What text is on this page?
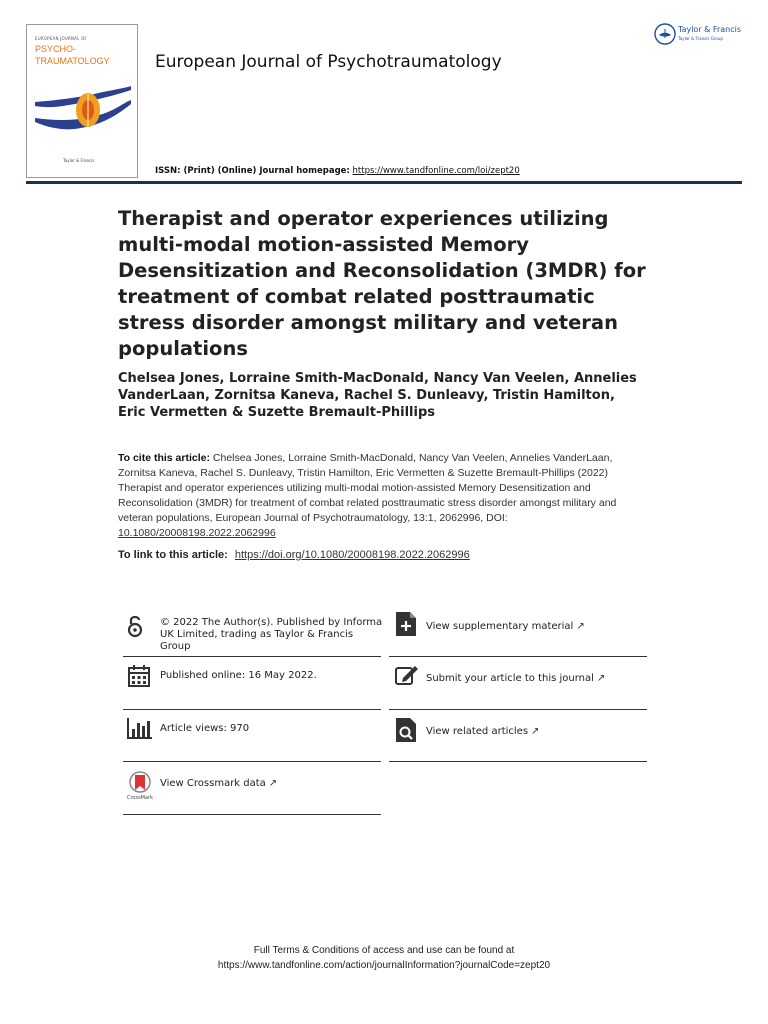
EUROPEAN JOURNAL OF
PSYCHO-
TRAUMATOLOGY
Taylor & Francis
European Journal of Psychotraumatology
Taylor & Francis
Taylor & Francis Group
ISSN: (Print) (Online) Journal homepage: https://www.tandfonline.com/loi/zept20
Therapist and operator experiences utilizing multi-modal motion-assisted Memory Desensitization and Reconsolidation (3MDR) for treatment of combat related posttraumatic stress disorder amongst military and veteran populations
Chelsea Jones, Lorraine Smith-MacDonald, Nancy Van Veelen, Annelies VanderLaan, Zornitsa Kaneva, Rachel S. Dunleavy, Tristin Hamilton, Eric Vermetten & Suzette Bremault-Phillips
To cite this article: Chelsea Jones, Lorraine Smith-MacDonald, Nancy Van Veelen, Annelies VanderLaan, Zornitsa Kaneva, Rachel S. Dunleavy, Tristin Hamilton, Eric Vermetten & Suzette Bremault-Phillips (2022) Therapist and operator experiences utilizing multi-modal motion-assisted Memory Desensitization and Reconsolidation (3MDR) for treatment of combat related posttraumatic stress disorder amongst military and veteran populations, European Journal of Psychotraumatology, 13:1, 2062996, DOI: 10.1080/20008198.2022.2062996
To link to this article: https://doi.org/10.1080/20008198.2022.2062996
© 2022 The Author(s). Published by Informa UK Limited, trading as Taylor & Francis Group
Published online: 16 May 2022.
Article views: 970
CrossMark
View Crossmark data ↗
View supplementary material ↗
Submit your article to this journal ↗
View related articles ↗
Full Terms & Conditions of access and use can be found at
https://www.tandfonline.com/action/journalInformation?journalCode=zept20
